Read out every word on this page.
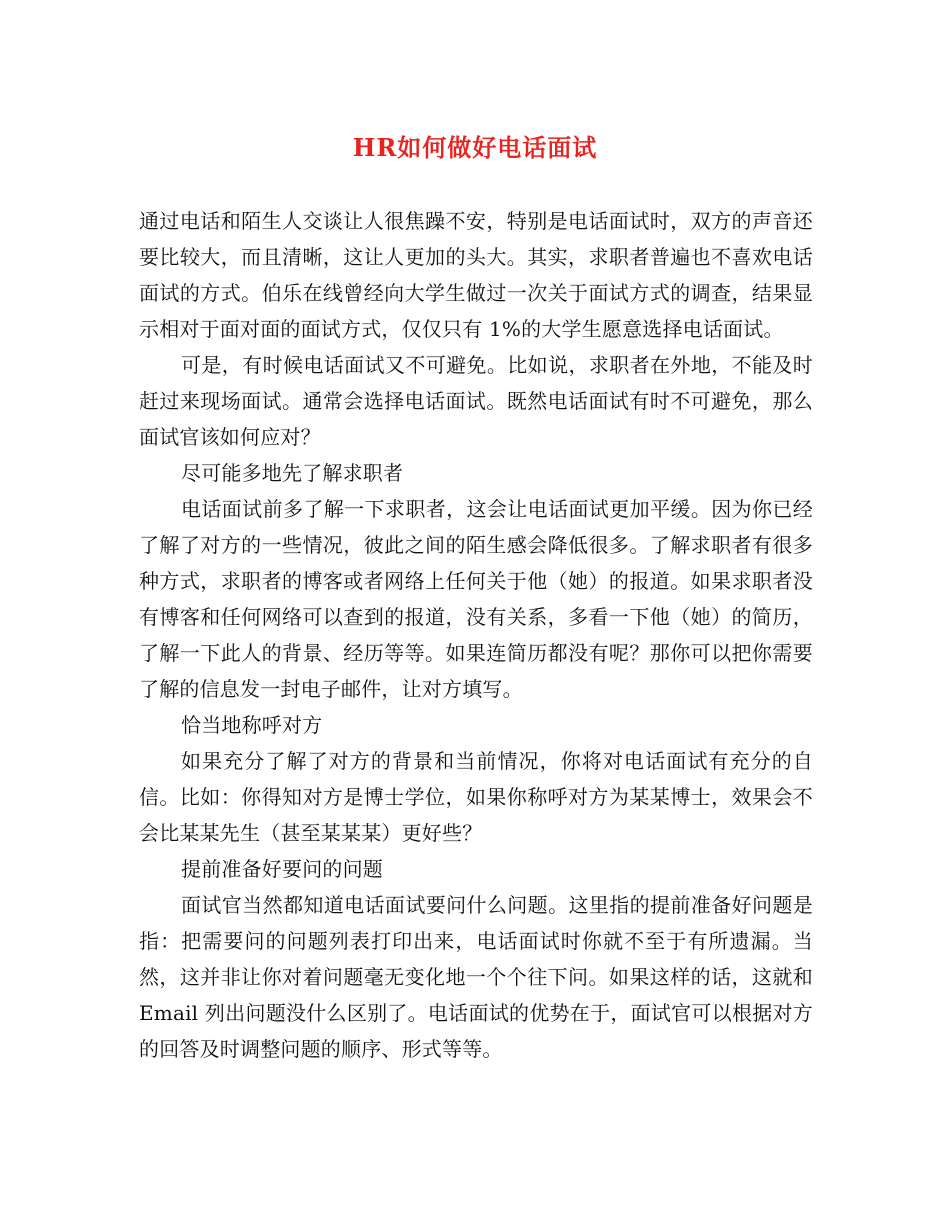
HR如何做好电话面试

通过电话和陌生人交谈让人很焦躁不安，特别是电话面试时，双方的声音还要比较大，而且清晰，这让人更加的头大。其实，求职者普遍也不喜欢电话面试的方式。伯乐在线曾经向大学生做过一次关于面试方式的调查，结果显示相对于面对面的面试方式，仅仅只有 1%的大学生愿意选择电话面试。

可是，有时候电话面试又不可避免。比如说，求职者在外地，不能及时赶过来现场面试。通常会选择电话面试。既然电话面试有时不可避免，那么面试官该如何应对？

尽可能多地先了解求职者

电话面试前多了解一下求职者，这会让电话面试更加平缓。因为你已经了解了对方的一些情况，彼此之间的陌生感会降低很多。了解求职者有很多种方式，求职者的博客或者网络上任何关于他（她）的报道。如果求职者没有博客和任何网络可以查到的报道，没有关系，多看一下他（她）的简历，了解一下此人的背景、经历等等。如果连简历都没有呢？那你可以把你需要了解的信息发一封电子邮件，让对方填写。

恰当地称呼对方

如果充分了解了对方的背景和当前情况，你将对电话面试有充分的自信。比如：你得知对方是博士学位，如果你称呼对方为某某博士，效果会不会比某某先生（甚至某某某）更好些？

提前准备好要问的问题

面试官当然都知道电话面试要问什么问题。这里指的提前准备好问题是指：把需要问的问题列表打印出来，电话面试时你就不至于有所遗漏。当然，这并非让你对着问题毫无变化地一个个往下问。如果这样的话，这就和 Email 列出问题没什么区别了。电话面试的优势在于，面试官可以根据对方的回答及时调整问题的顺序、形式等等。
